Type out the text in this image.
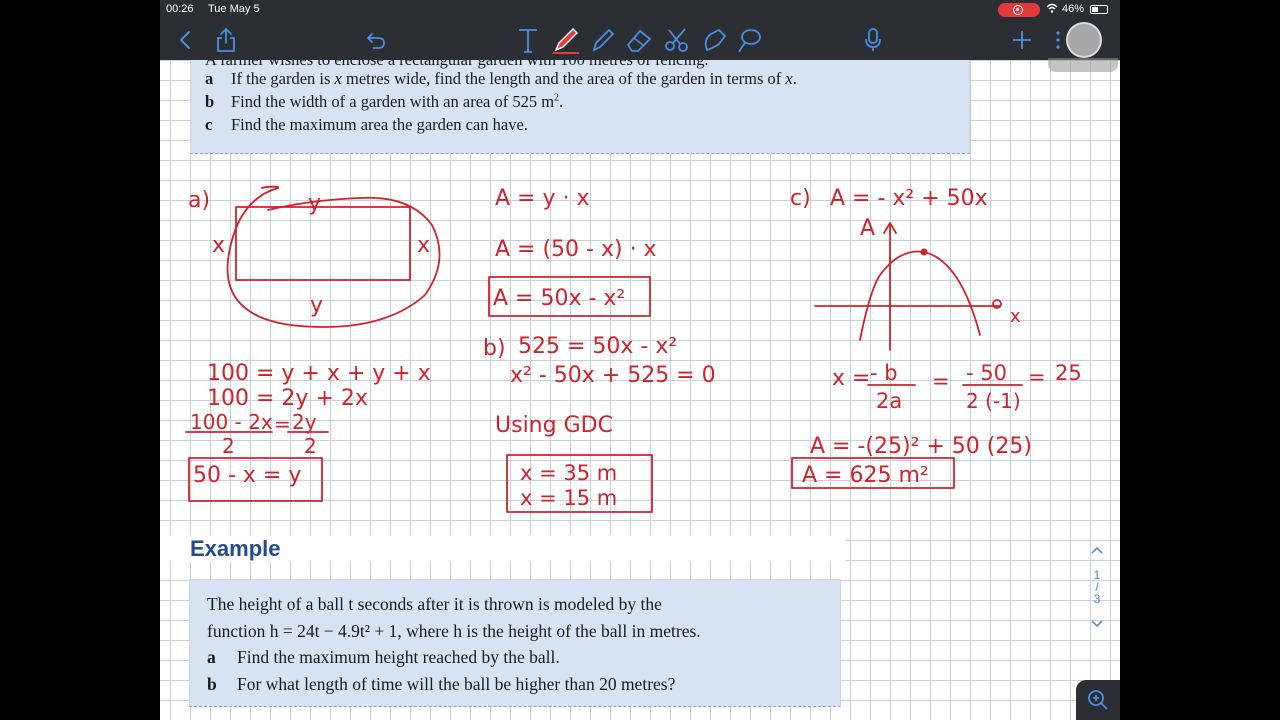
00:26 Tue May 5	46%
a If the garden is x metres wide, find the length and the area of the garden in terms of x.
b Find the width of a garden with an area of 525 $m^2$.
c Find the maximum area the garden can have.
a)	y
x	x
y
100 = y + x + y + x
100 = 2y + 2x
100 - 2x = 2y
2	2
50 - x = y
A = y · x
A = (50 - x) · x
A = 50x - x²
b) 525 = 50x - x²
x² - 50x + 525 = 0
Using GDC
x = 35 m
x = 15 m
c) A = - x² + 50x
A
x
x = - b
2a
= - 50
2 (-1)
= 25
A = -(25)² + 50 (25)
A = 625 m²
Example
The height of a ball t seconds after it is thrown is modeled by the
function h = 24t − 4.9t² + 1, where h is the height of the ball in metres.
a Find the maximum height reached by the ball.
b For what length of time will the ball be higher than 20 metres?
1
/
3
